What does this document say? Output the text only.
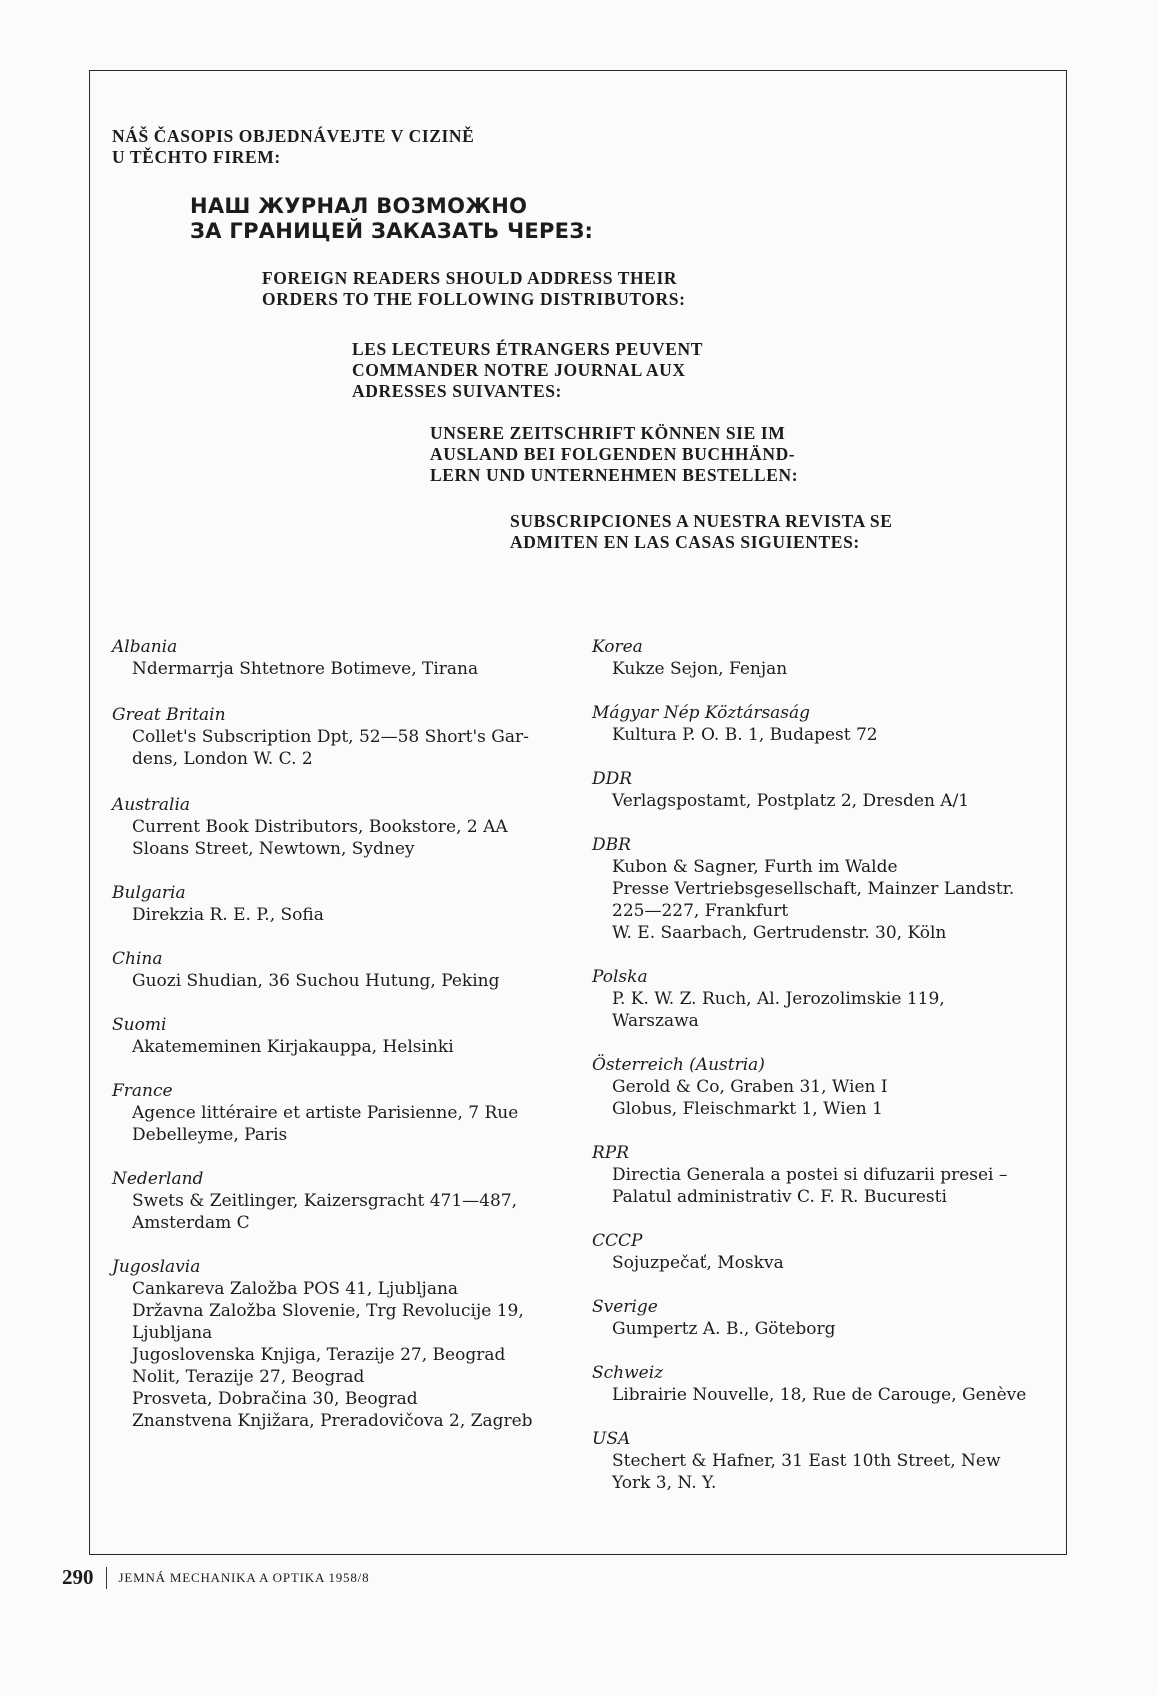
NÁŠ ČASOPIS OBJEDNÁVEJTE V CIZINĚ
U TĚCHTO FIREM:
НАШ ЖУРНАЛ ВОЗМОЖНО
ЗА ГРАНИЦЕЙ ЗАКАЗАТЬ ЧЕРЕЗ:
FOREIGN READERS SHOULD ADDRESS THEIR
ORDERS TO THE FOLLOWING DISTRIBUTORS:
LES LECTEURS ÉTRANGERS PEUVENT
COMMANDER NOTRE JOURNAL AUX
ADRESSES SUIVANTES:
UNSERE ZEITSCHRIFT KÖNNEN SIE IM
AUSLAND BEI FOLGENDEN BUCHHÄND-
LERN UND UNTERNEHMEN BESTELLEN:
SUBSCRIPCIONES A NUESTRA REVISTA SE
ADMITEN EN LAS CASAS SIGUIENTES:

Albania

Ndermarrja Shtetnore Botimeve, Tirana

Great Britain

Collet's Subscription Dpt, 52—58 Short's Gar-

dens, London W. C. 2

Australia

Current Book Distributors, Bookstore, 2 AA

Sloans Street, Newtown, Sydney

Bulgaria

Direkzia R. E. P., Sofia

China

Guozi Shudian, 36 Suchou Hutung, Peking

Suomi

Akatememinen Kirjakauppa, Helsinki

France

Agence littéraire et artiste Parisienne, 7 Rue

Debelleyme, Paris

Nederland

Swets & Zeitlinger, Kaizersgracht 471—487,

Amsterdam C

Jugoslavia

Cankareva Založba POS 41, Ljubljana

Državna Založba Slovenie, Trg Revolucije 19,

Ljubljana

Jugoslovenska Knjiga, Terazije 27, Beograd

Nolit, Terazije 27, Beograd

Prosveta, Dobračina 30, Beograd

Znanstvena Knjižara, Preradovičova 2, Zagreb

Korea

Kukze Sejon, Fenjan

Mágyar Nép Köztársaság

Kultura P. O. B. 1, Budapest 72

DDR

Verlagspostamt, Postplatz 2, Dresden A/1

DBR

Kubon & Sagner, Furth im Walde

Presse Vertriebsgesellschaft, Mainzer Landstr.

225—227, Frankfurt

W. E. Saarbach, Gertrudenstr. 30, Köln

Polska

P. K. W. Z. Ruch, Al. Jerozolimskie 119,

Warszawa

Österreich (Austria)

Gerold & Co, Graben 31, Wien I

Globus, Fleischmarkt 1, Wien 1

RPR

Directia Generala a postei si difuzarii presei –

Palatul administrativ C. F. R. Bucuresti

CCCP

Sojuzpečať, Moskva

Sverige

Gumpertz A. B., Göteborg

Schweiz

Librairie Nouvelle, 18, Rue de Carouge, Genève

USA

Stechert & Hafner, 31 East 10th Street, New

York 3, N. Y.

290 JEMNÁ MECHANIKA A OPTIKA 1958/8
